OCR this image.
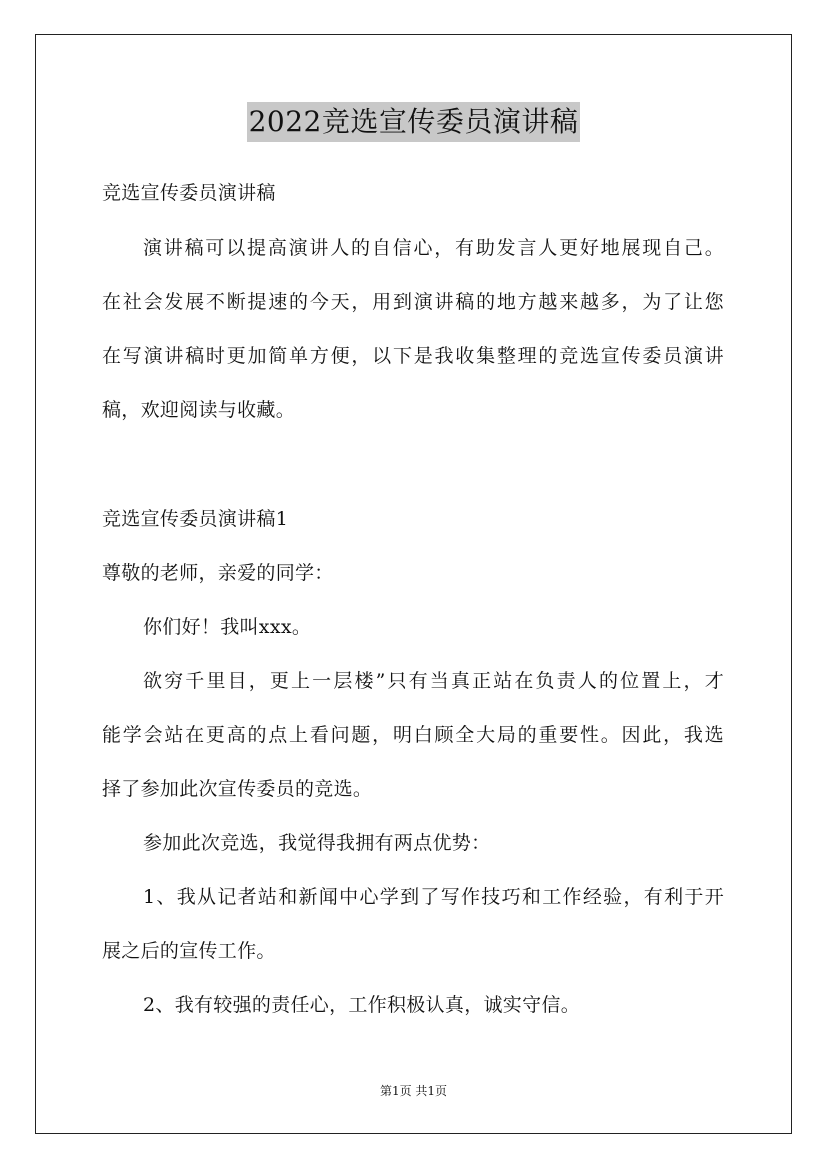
2022竞选宣传委员演讲稿
竞选宣传委员演讲稿
演讲稿可以提高演讲人的自信心，有助发言人更好地展现自己。
在社会发展不断提速的今天，用到演讲稿的地方越来越多，为了让您
在写演讲稿时更加简单方便，以下是我收集整理的竞选宣传委员演讲
稿，欢迎阅读与收藏。
竞选宣传委员演讲稿1
尊敬的老师，亲爱的同学：
你们好！我叫xxx。
欲穷千里目，更上一层楼”只有当真正站在负责人的位置上，才
能学会站在更高的点上看问题，明白顾全大局的重要性。因此，我选
择了参加此次宣传委员的竞选。
参加此次竞选，我觉得我拥有两点优势：
1、我从记者站和新闻中心学到了写作技巧和工作经验，有利于开
展之后的宣传工作。
2、我有较强的责任心，工作积极认真，诚实守信。
第1页 共1页
